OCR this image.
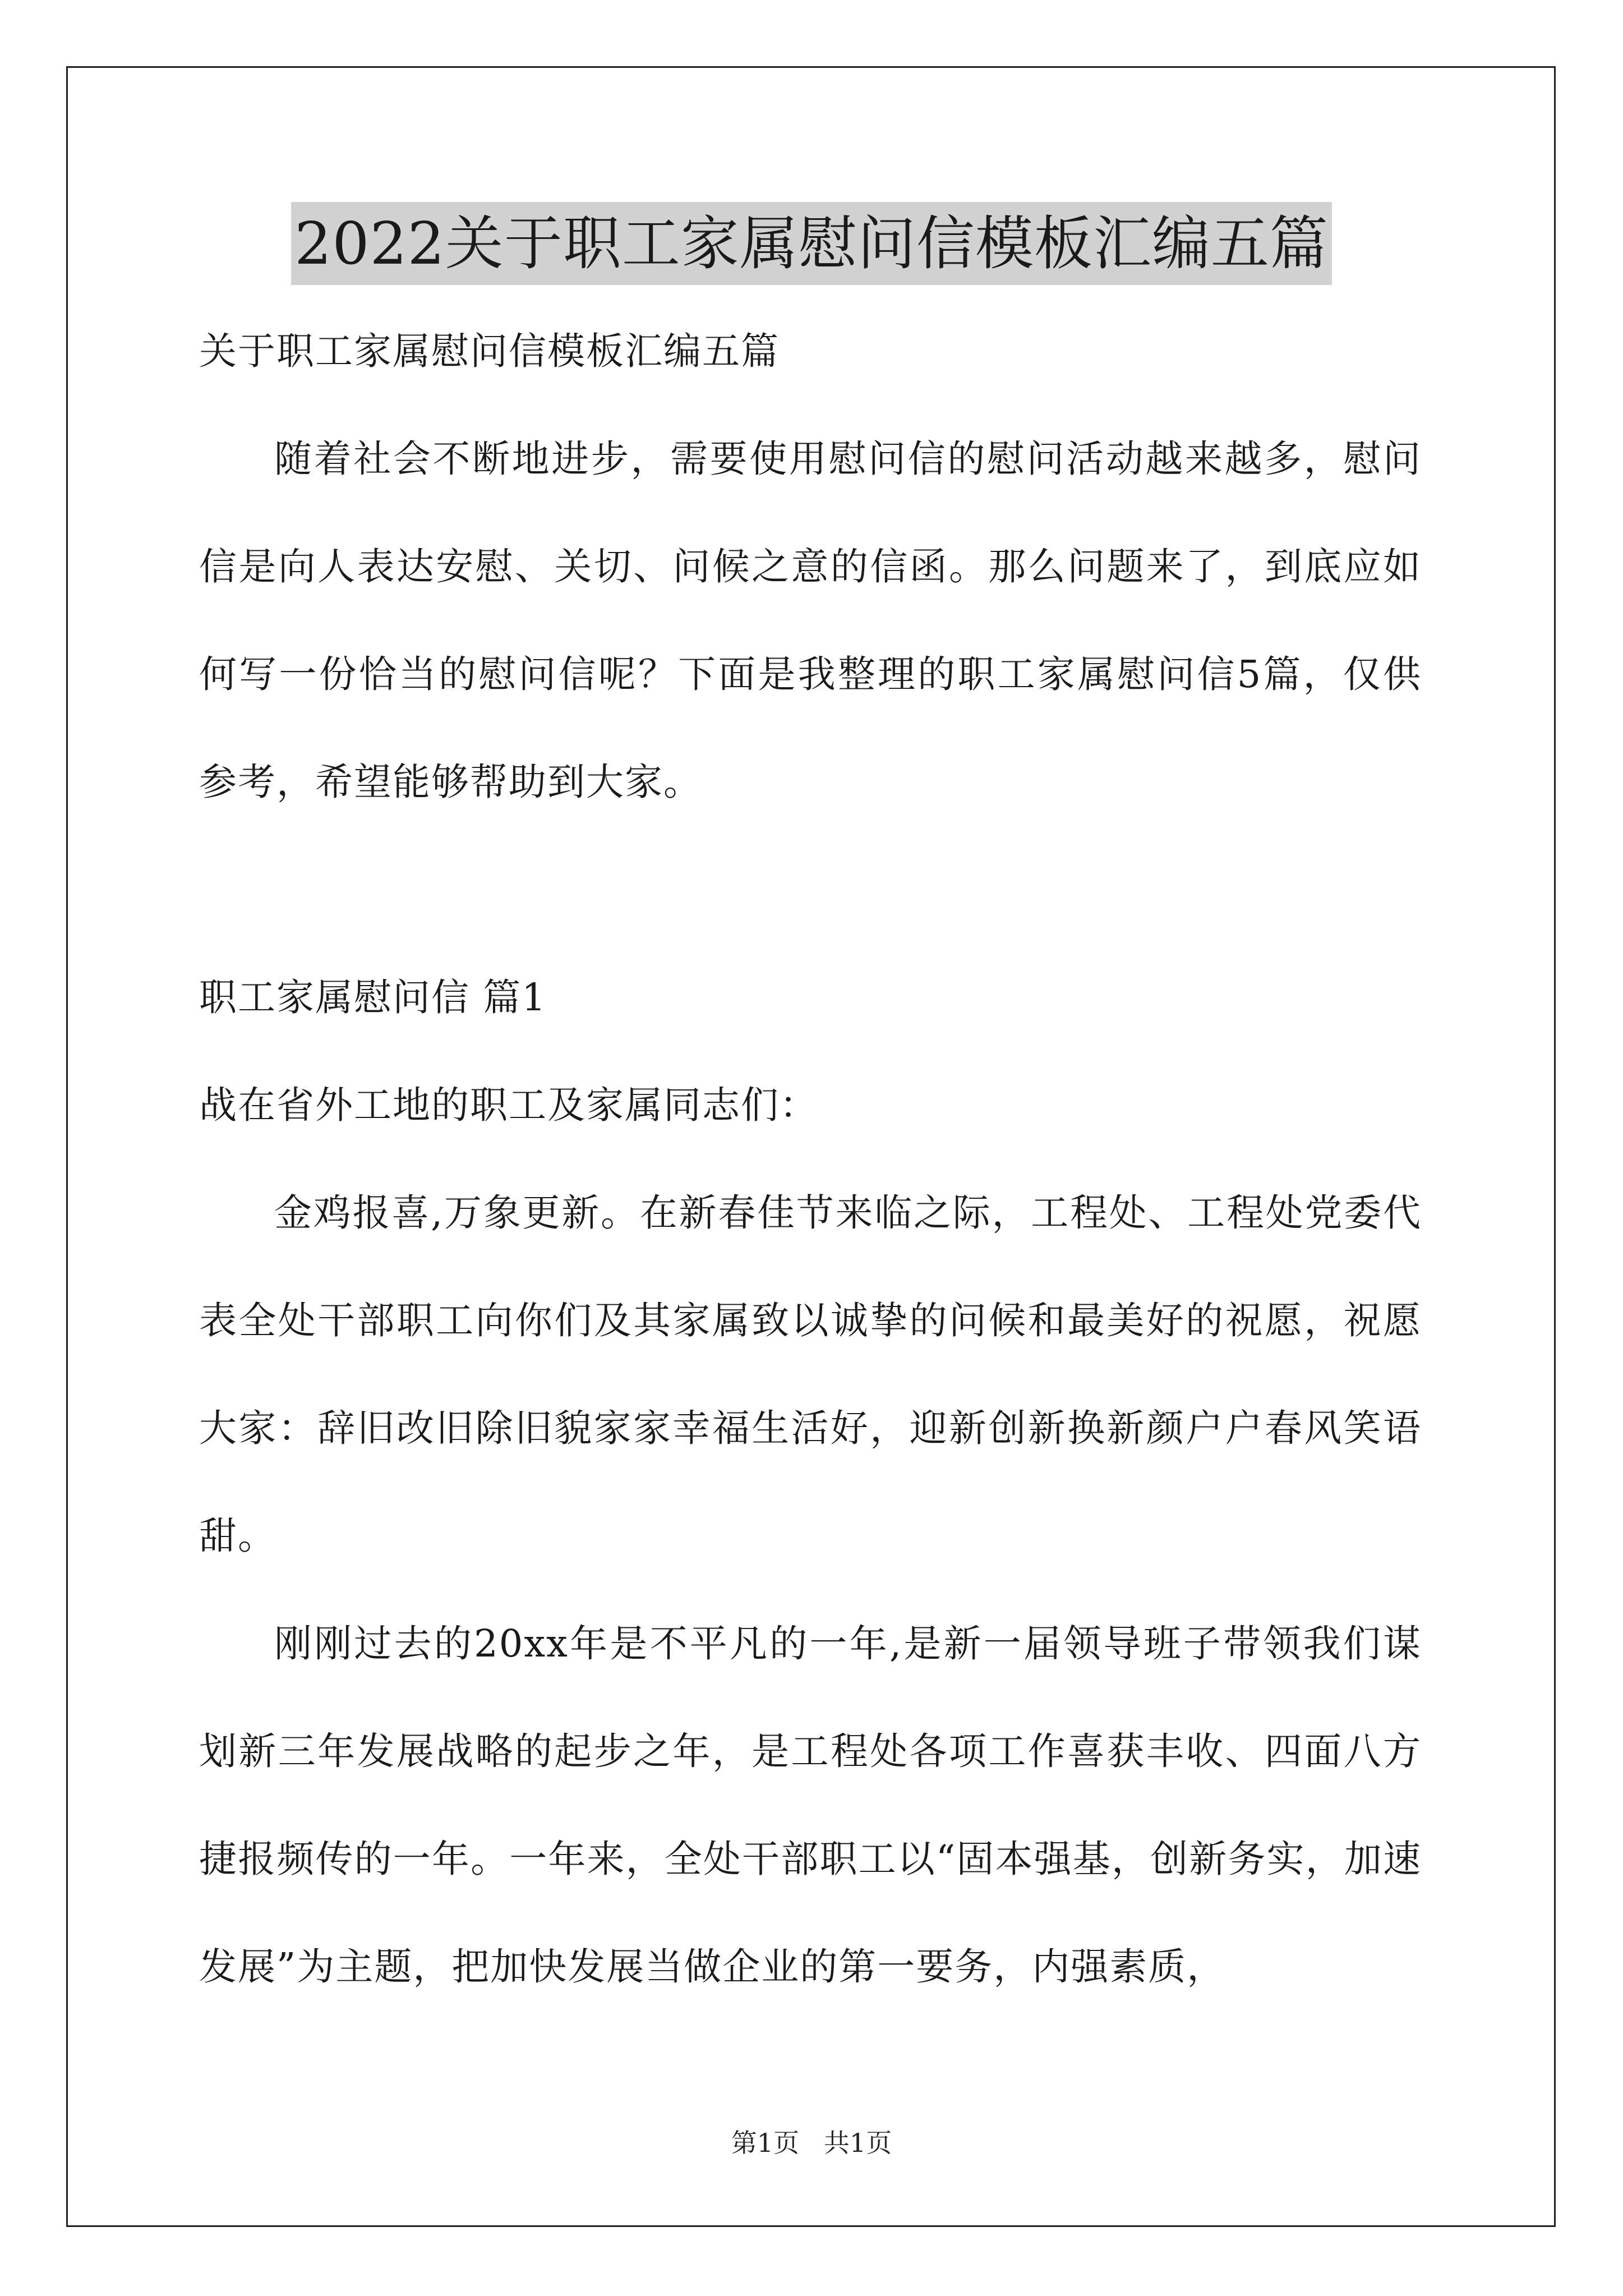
2022关于职工家属慰问信模板汇编五篇

关于职工家属慰问信模板汇编五篇

随着社会不断地进步，需要使用慰问信的慰问活动越来越多，慰问信是向人表达安慰、关切、问候之意的信函。那么问题来了，到底应如何写一份恰当的慰问信呢？下面是我整理的职工家属慰问信5篇，仅供参考，希望能够帮助到大家。

职工家属慰问信 篇1

战在省外工地的职工及家属同志们：

金鸡报喜,万象更新。在新春佳节来临之际，工程处、工程处党委代表全处干部职工向你们及其家属致以诚挚的问候和最美好的祝愿，祝愿大家：辞旧改旧除旧貌家家幸福生活好，迎新创新换新颜户户春风笑语甜。

刚刚过去的20xx年是不平凡的一年,是新一届领导班子带领我们谋划新三年发展战略的起步之年，是工程处各项工作喜获丰收、四面八方捷报频传的一年。一年来，全处干部职工以“固本强基，创新务实，加速发展”为主题，把加快发展当做企业的第一要务，内强素质，

第1页   共1页
